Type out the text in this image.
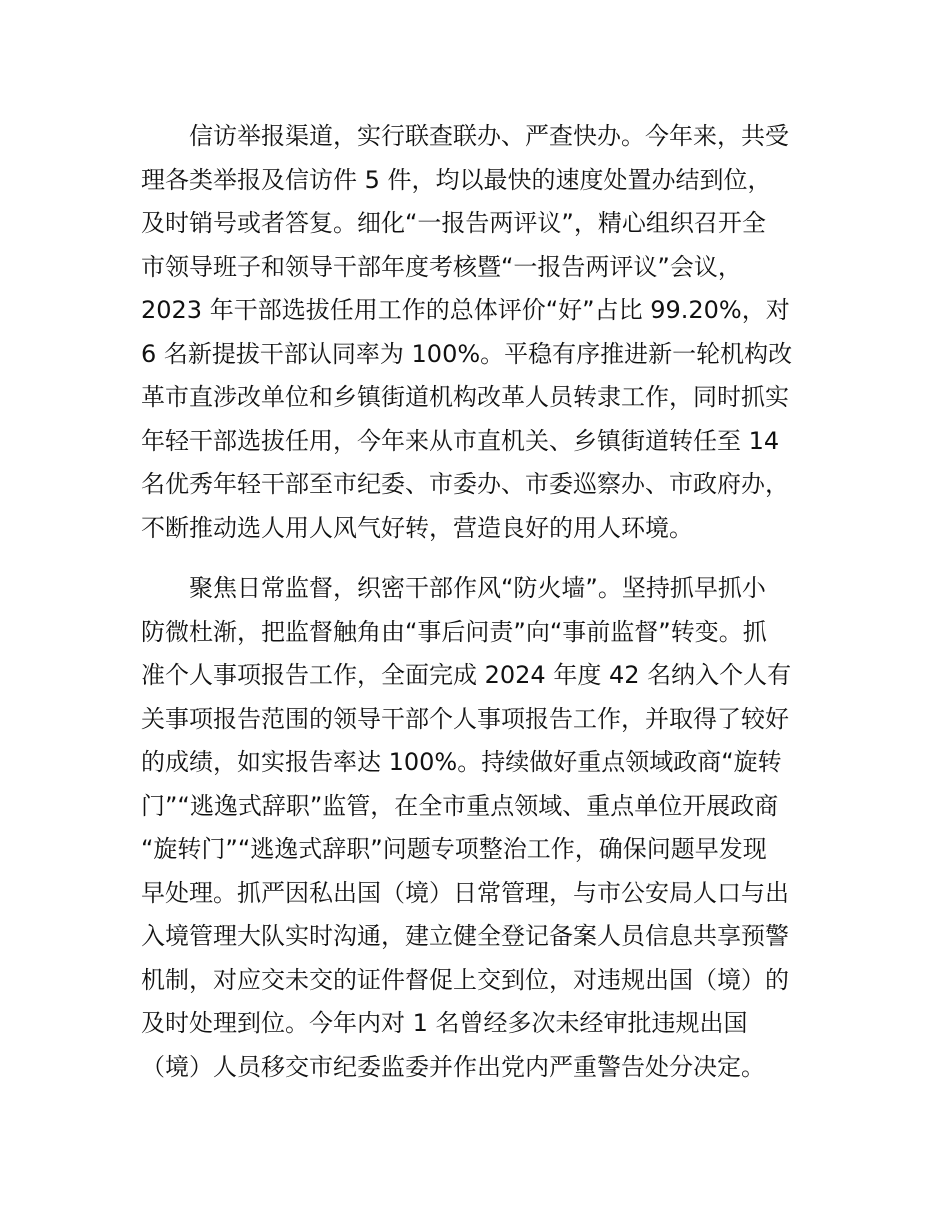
　　信访举报渠道，实行联查联办、严查快办。今年来，共受
理各类举报及信访件 5 件，均以最快的速度处置办结到位，
及时销号或者答复。细化“一报告两评议”，精心组织召开全
市领导班子和领导干部年度考核暨“一报告两评议”会议，
2023 年干部选拔任用工作的总体评价“好”占比 99.20%，对
6 名新提拔干部认同率为 100%。平稳有序推进新一轮机构改
革市直涉改单位和乡镇街道机构改革人员转隶工作，同时抓实
年轻干部选拔任用，今年来从市直机关、乡镇街道转任至 14
名优秀年轻干部至市纪委、市委办、市委巡察办、市政府办，
不断推动选人用人风气好转，营造良好的用人环境。
　　聚焦日常监督，织密干部作风“防火墙”。坚持抓早抓小
防微杜渐，把监督触角由“事后问责”向“事前监督”转变。抓
准个人事项报告工作，全面完成 2024 年度 42 名纳入个人有
关事项报告范围的领导干部个人事项报告工作，并取得了较好
的成绩，如实报告率达 100%。持续做好重点领域政商“旋转
门”“逃逸式辞职”监管，在全市重点领域、重点单位开展政商
“旋转门”“逃逸式辞职”问题专项整治工作，确保问题早发现
早处理。抓严因私出国（境）日常管理，与市公安局人口与出
入境管理大队实时沟通，建立健全登记备案人员信息共享预警
机制，对应交未交的证件督促上交到位，对违规出国（境）的
及时处理到位。今年内对 1 名曾经多次未经审批违规出国
（境）人员移交市纪委监委并作出党内严重警告处分决定。
